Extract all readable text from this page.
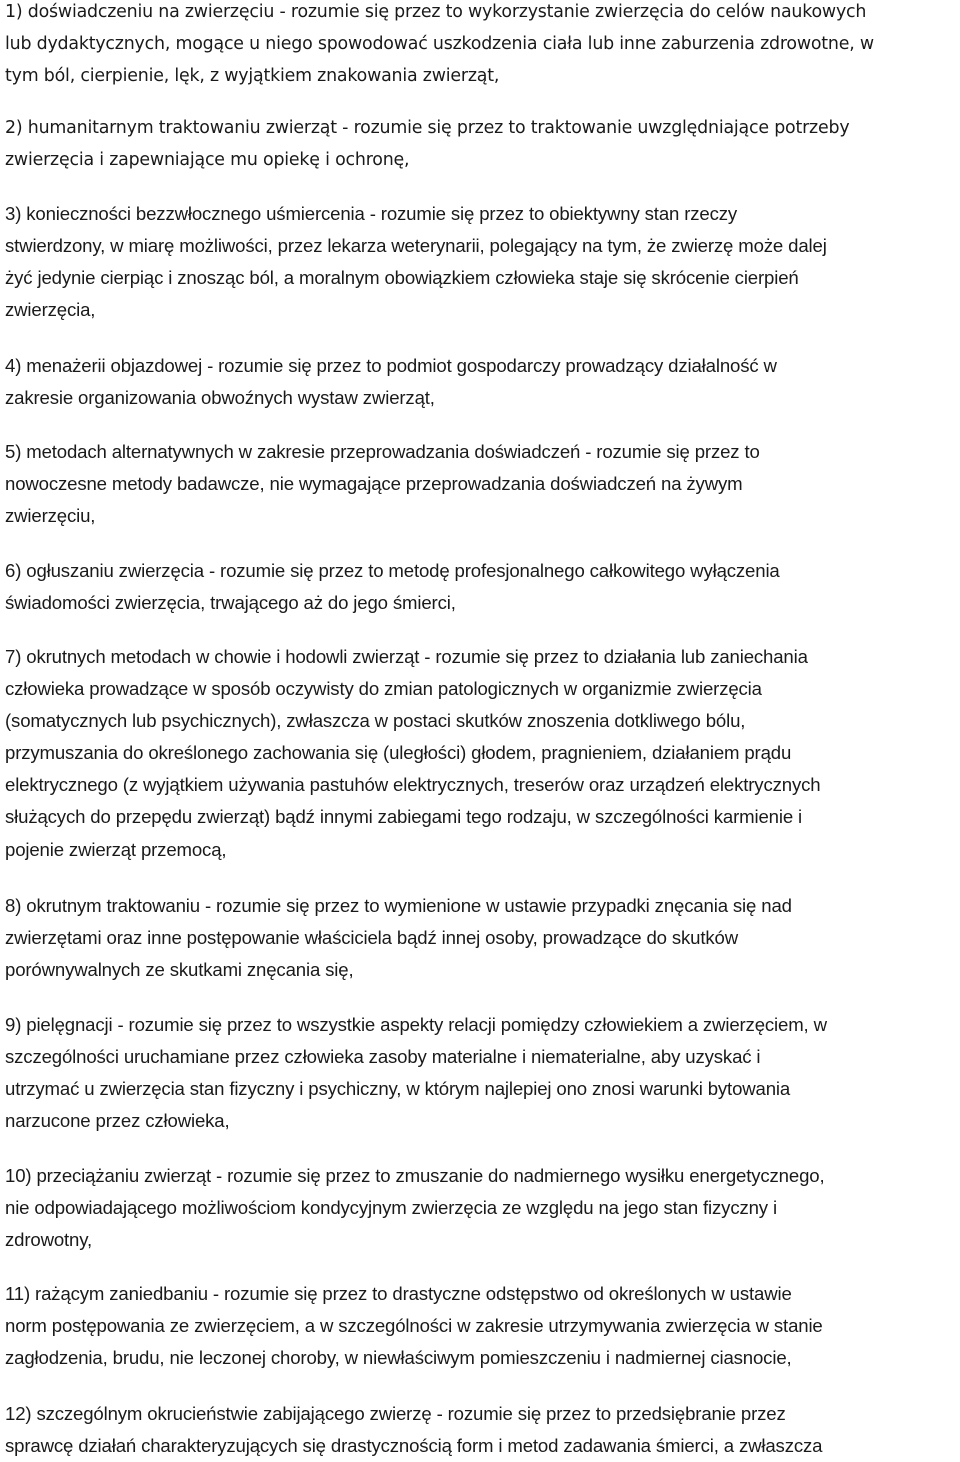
1) doświadczeniu na zwierzęciu - rozumie się przez to wykorzystanie zwierzęcia do celów naukowych
lub dydaktycznych, mogące u niego spowodować uszkodzenia ciała lub inne zaburzenia zdrowotne, w
tym ból, cierpienie, lęk, z wyjątkiem znakowania zwierząt,
2) humanitarnym traktowaniu zwierząt - rozumie się przez to traktowanie uwzględniające potrzeby
zwierzęcia i zapewniające mu opiekę i ochronę,
3) konieczności bezzwłocznego uśmiercenia - rozumie się przez to obiektywny stan rzeczy
stwierdzony, w miarę możliwości, przez lekarza weterynarii, polegający na tym, że zwierzę może dalej
żyć jedynie cierpiąc i znosząc ból, a moralnym obowiązkiem człowieka staje się skrócenie cierpień
zwierzęcia,
4) menażerii objazdowej - rozumie się przez to podmiot gospodarczy prowadzący działalność w
zakresie organizowania obwoźnych wystaw zwierząt,
5) metodach alternatywnych w zakresie przeprowadzania doświadczeń - rozumie się przez to
nowoczesne metody badawcze, nie wymagające przeprowadzania doświadczeń na żywym
zwierzęciu,
6) ogłuszaniu zwierzęcia - rozumie się przez to metodę profesjonalnego całkowitego wyłączenia
świadomości zwierzęcia, trwającego aż do jego śmierci,
7) okrutnych metodach w chowie i hodowli zwierząt - rozumie się przez to działania lub zaniechania
człowieka prowadzące w sposób oczywisty do zmian patologicznych w organizmie zwierzęcia
(somatycznych lub psychicznych), zwłaszcza w postaci skutków znoszenia dotkliwego bólu,
przymuszania do określonego zachowania się (uległości) głodem, pragnieniem, działaniem prądu
elektrycznego (z wyjątkiem używania pastuhów elektrycznych, treserów oraz urządzeń elektrycznych
służących do przepędu zwierząt) bądź innymi zabiegami tego rodzaju, w szczególności karmienie i
pojenie zwierząt przemocą,
8) okrutnym traktowaniu - rozumie się przez to wymienione w ustawie przypadki znęcania się nad
zwierzętami oraz inne postępowanie właściciela bądź innej osoby, prowadzące do skutków
porównywalnych ze skutkami znęcania się,
9) pielęgnacji - rozumie się przez to wszystkie aspekty relacji pomiędzy człowiekiem a zwierzęciem, w
szczególności uruchamiane przez człowieka zasoby materialne i niematerialne, aby uzyskać i
utrzymać u zwierzęcia stan fizyczny i psychiczny, w którym najlepiej ono znosi warunki bytowania
narzucone przez człowieka,
10) przeciążaniu zwierząt - rozumie się przez to zmuszanie do nadmiernego wysiłku energetycznego,
nie odpowiadającego możliwościom kondycyjnym zwierzęcia ze względu na jego stan fizyczny i
zdrowotny,
11) rażącym zaniedbaniu - rozumie się przez to drastyczne odstępstwo od określonych w ustawie
norm postępowania ze zwierzęciem, a w szczególności w zakresie utrzymywania zwierzęcia w stanie
zagłodzenia, brudu, nie leczonej choroby, w niewłaściwym pomieszczeniu i nadmiernej ciasnocie,
12) szczególnym okrucieństwie zabijającego zwierzę - rozumie się przez to przedsiębranie przez
sprawcę działań charakteryzujących się drastycznością form i metod zadawania śmierci, a zwłaszcza
